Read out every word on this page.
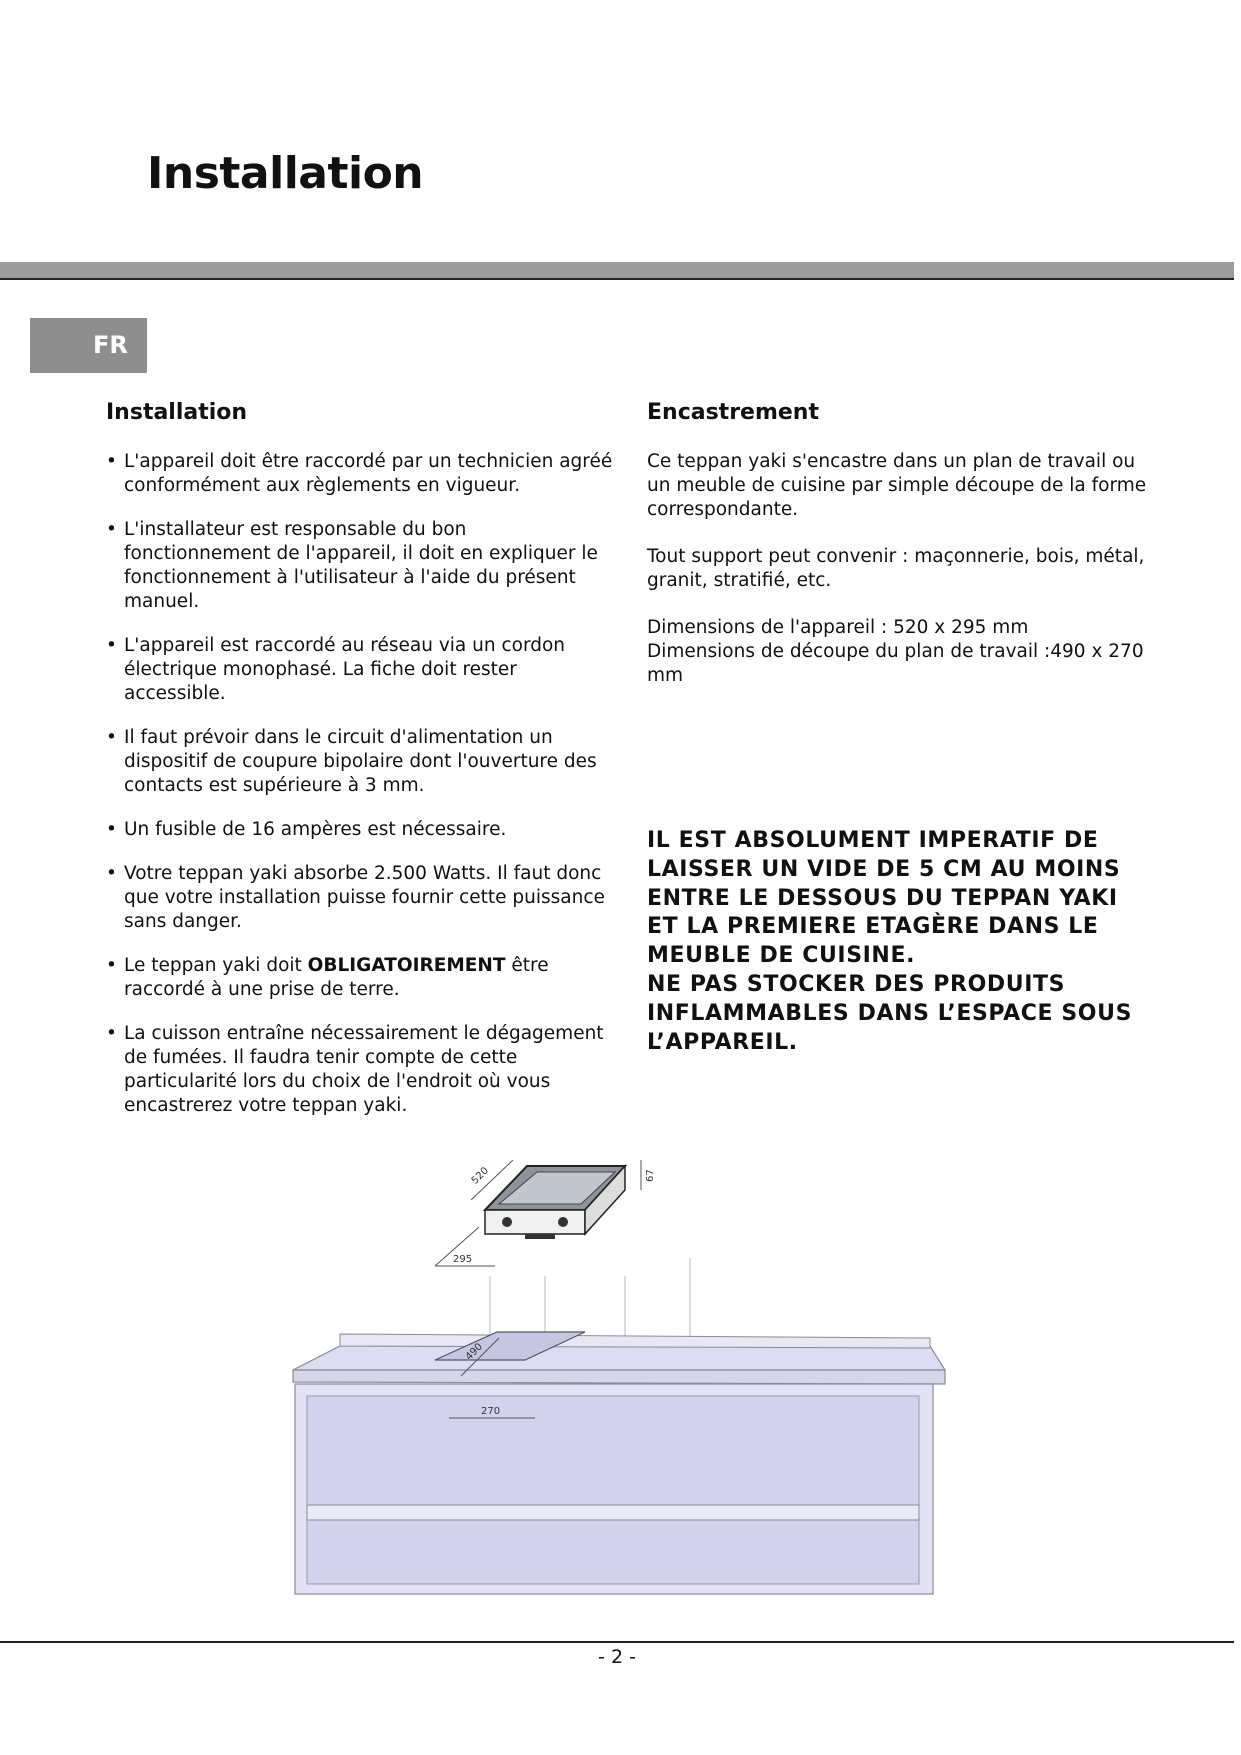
Installation
FR
Installation
• L'appareil doit être raccordé par un technicien agréé conformément aux règlements en vigueur.
• L'installateur est responsable du bon fonctionnement de l'appareil, il doit en expliquer le fonctionnement à l'utilisateur à l'aide du présent manuel.
• L'appareil est raccordé au réseau via un cordon électrique monophasé. La fiche doit rester accessible.
• Il faut prévoir dans le circuit d'alimentation un dispositif de coupure bipolaire dont l'ouverture des contacts est supérieure à 3 mm.
• Un fusible de 16 ampères est nécessaire.
• Votre teppan yaki absorbe 2.500 Watts. Il faut donc que votre installation puisse fournir cette puissance sans danger.
• Le teppan yaki doit OBLIGATOIREMENT être raccordé à une prise de terre.
• La cuisson entraîne nécessairement le dégagement de fumées. Il faudra tenir compte de cette particularité lors du choix de l'endroit où vous encastrerez votre teppan yaki.
Encastrement

Ce teppan yaki s'encastre dans un plan de travail ou un meuble de cuisine par simple découpe de la forme correspondante.

Tout support peut convenir : maçonnerie, bois, métal, granit, stratifié, etc.

Dimensions de l'appareil : 520 x 295 mm
Dimensions de découpe du plan de travail :490 x 270 mm

IL EST ABSOLUMENT IMPERATIF DE
LAISSER UN VIDE DE 5 CM AU MOINS
ENTRE LE DESSOUS DU TEPPAN YAKI
ET LA PREMIERE ETAGÈRE DANS LE
MEUBLE DE CUISINE.
NE PAS STOCKER DES PRODUITS
INFLAMMABLES DANS L’ESPACE SOUS
L’APPAREIL.

520
295
67
490
270
- 2 -
